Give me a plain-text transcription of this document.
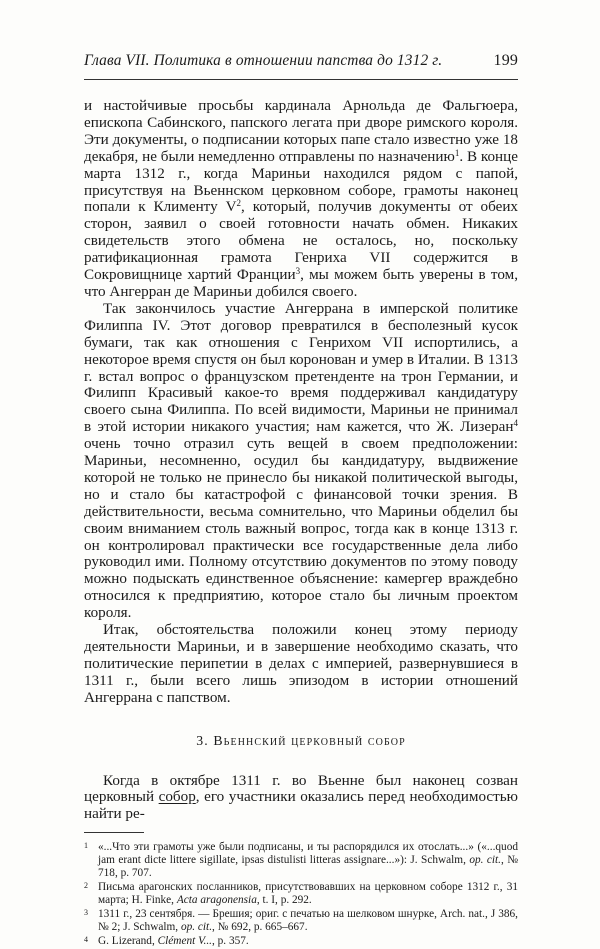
Глава VII. Политика в отношении папства до 1312 г.	199

и настойчивые просьбы кардинала Арнольда де Фальгюера, епископа Сабинского, папского легата при дворе римского короля. Эти документы, о подписании которых папе стало известно уже 18 декабря, не были немедленно отправлены по назначению$^1$. В конце марта 1312 г., когда Мариньи находился рядом с папой, присутствуя на Вьеннском церковном соборе, грамоты наконец попали к Клименту V$^2$, который, получив документы от обеих сторон, заявил о своей готовности начать обмен. Никаких свидетельств этого обмена не осталось, но, поскольку ратификационная грамота Генриха VII содержится в Сокровищнице хартий Франции$^3$, мы можем быть уверены в том, что Ангерран де Мариньи добился своего.

Так закончилось участие Ангеррана в имперской политике Филиппа IV. Этот договор превратился в бесполезный кусок бумаги, так как отношения с Генрихом VII испортились, а некоторое время спустя он был коронован и умер в Италии. В 1313 г. встал вопрос о французском претенденте на трон Германии, и Филипп Красивый какое-то время поддерживал кандидатуру своего сына Филиппа. По всей видимости, Мариньи не принимал в этой истории никакого участия; нам кажется, что Ж. Лизеран$^4$ очень точно отразил суть вещей в своем предположении: Мариньи, несомненно, осудил бы кандидатуру, выдвижение которой не только не принесло бы никакой политической выгоды, но и стало бы катастрофой с финансовой точки зрения. В действительности, весьма сомнительно, что Мариньи обделил бы своим вниманием столь важный вопрос, тогда как в конце 1313 г. он контролировал практически все государственные дела либо руководил ими. Полному отсутствию документов по этому поводу можно подыскать единственное объяснение: камергер враждебно относился к предприятию, которое стало бы личным проектом короля.

Итак, обстоятельства положили конец этому периоду деятельности Мариньи, и в завершение необходимо сказать, что политические перипетии в делах с империей, развернувшиеся в 1311 г., были всего лишь эпизодом в истории отношений Ангеррана с папством.

3. Вьеннский церковный собор

Когда в октябре 1311 г. во Вьенне был наконец созван церковный собор, его участники оказались перед необходимостью найти ре-

1 «...Что эти грамоты уже были подписаны, и ты распорядился их отослать...» («...quod jam erant dicte littere sigillate, ipsas distulisti litteras assignare...»): J. Schwalm, op. cit., № 718, p. 707.
2 Письма арагонских посланников, присутствовавших на церковном соборе 1312 г., 31 марта; H. Finke, Acta aragonensia, t. I, p. 292.
3 1311 г., 23 сентября. — Брешия; ориг. с печатью на шелковом шнурке, Arch. nat., J 386, № 2; J. Schwalm, op. cit., № 692, p. 665–667.
4 G. Lizerand, Clément V..., p. 357.
